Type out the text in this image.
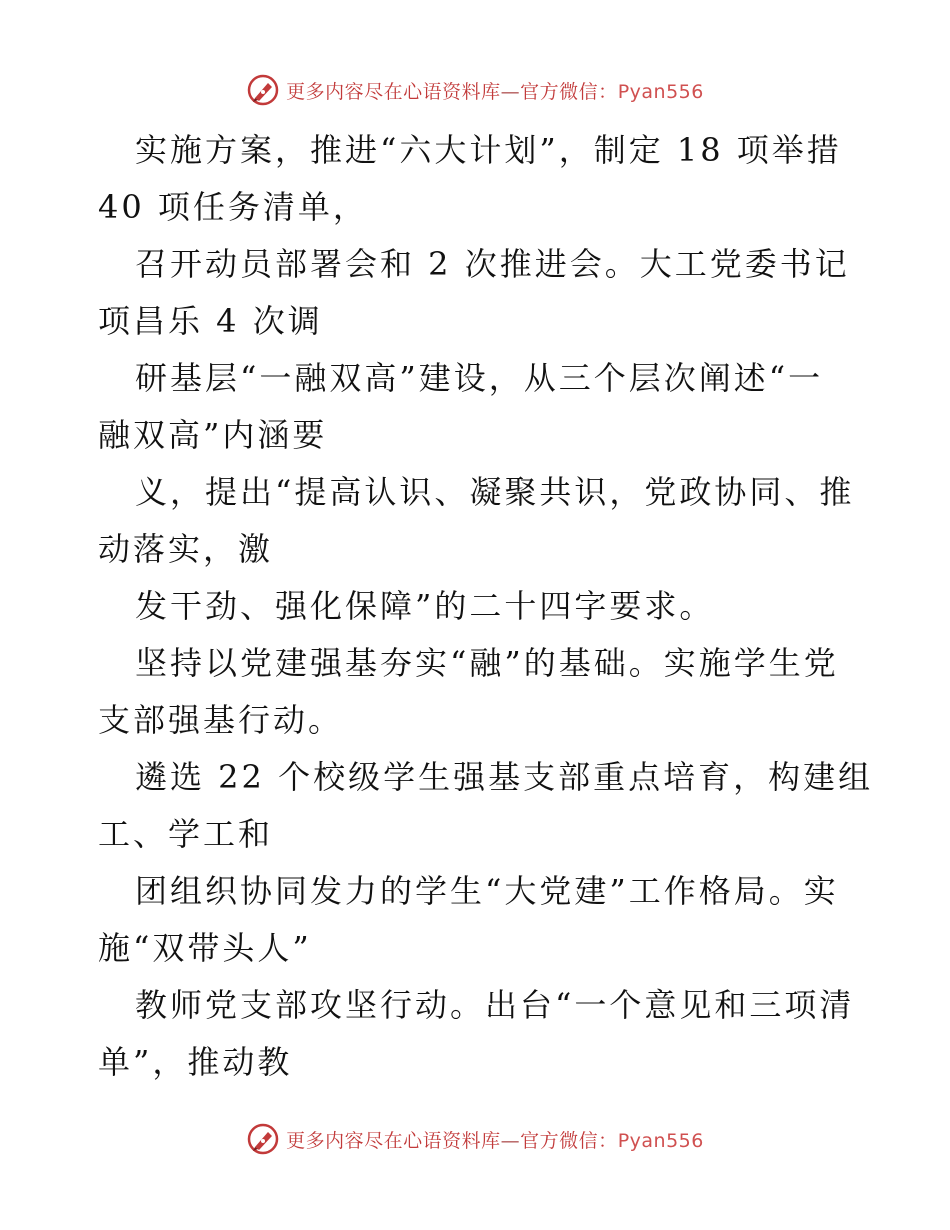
更多内容尽在心语资料库—官方微信：Pyan556
实施方案，推进“六大计划”，制定 18 项举措
40 项任务清单，
召开动员部署会和 2 次推进会。大工党委书记
项昌乐 4 次调
研基层“一融双高”建设，从三个层次阐述“一
融双高”内涵要
义，提出“提高认识、凝聚共识，党政协同、推
动落实，激
发干劲、强化保障”的二十四字要求。
坚持以党建强基夯实“融”的基础。实施学生党
支部强基行动。
遴选 22 个校级学生强基支部重点培育，构建组
工、学工和
团组织协同发力的学生“大党建”工作格局。实
施“双带头人”
教师党支部攻坚行动。出台“一个意见和三项清
单”，推动教
更多内容尽在心语资料库—官方微信：Pyan556
